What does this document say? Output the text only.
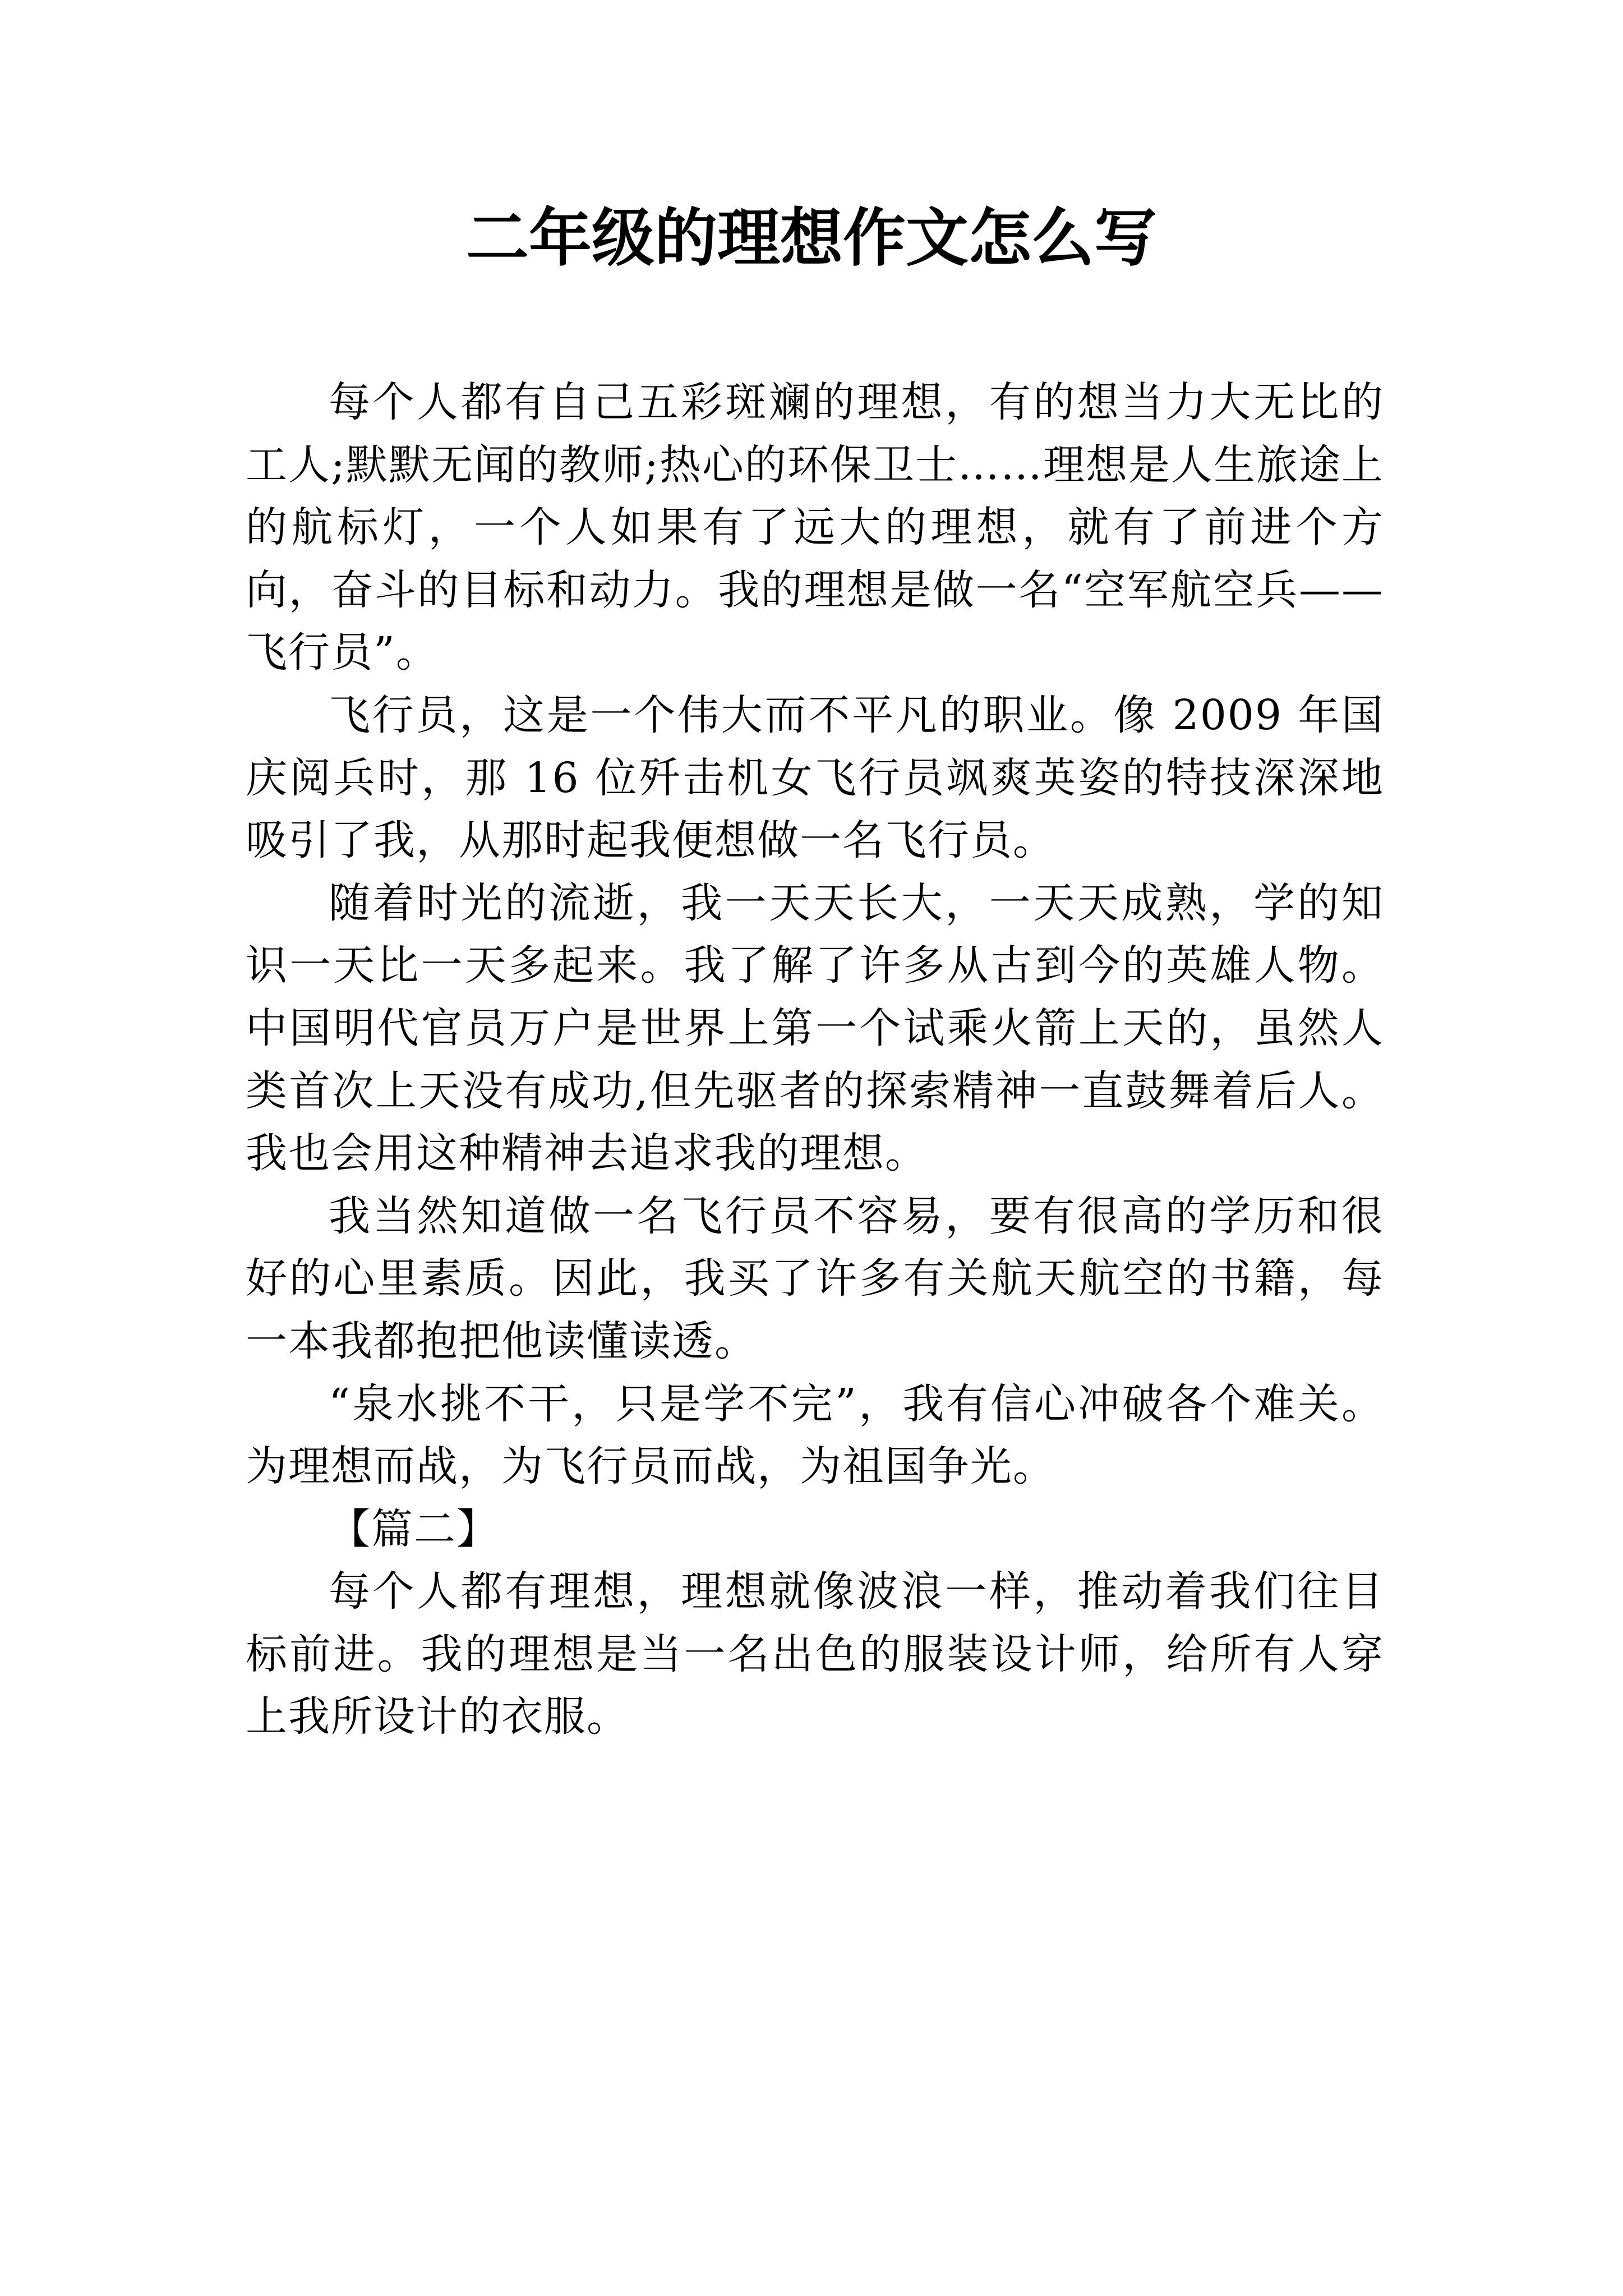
二年级的理想作文怎么写

每个人都有自己五彩斑斓的理想，有的想当力大无比的工人;默默无闻的教师;热心的环保卫士……理想是人生旅途上的航标灯，一个人如果有了远大的理想，就有了前进个方向，奋斗的目标和动力。我的理想是做一名“空军航空兵——飞行员”。

飞行员，这是一个伟大而不平凡的职业。像 2009 年国庆阅兵时，那 16 位歼击机女飞行员飒爽英姿的特技深深地吸引了我，从那时起我便想做一名飞行员。

随着时光的流逝，我一天天长大，一天天成熟，学的知识一天比一天多起来。我了解了许多从古到今的英雄人物。中国明代官员万户是世界上第一个试乘火箭上天的，虽然人类首次上天没有成功,但先驱者的探索精神一直鼓舞着后人。我也会用这种精神去追求我的理想。

我当然知道做一名飞行员不容易，要有很高的学历和很好的心里素质。因此，我买了许多有关航天航空的书籍，每一本我都抱把他读懂读透。

“泉水挑不干，只是学不完”，我有信心冲破各个难关。为理想而战，为飞行员而战，为祖国争光。

【篇二】

每个人都有理想，理想就像波浪一样，推动着我们往目标前进。我的理想是当一名出色的服装设计师，给所有人穿上我所设计的衣服。
